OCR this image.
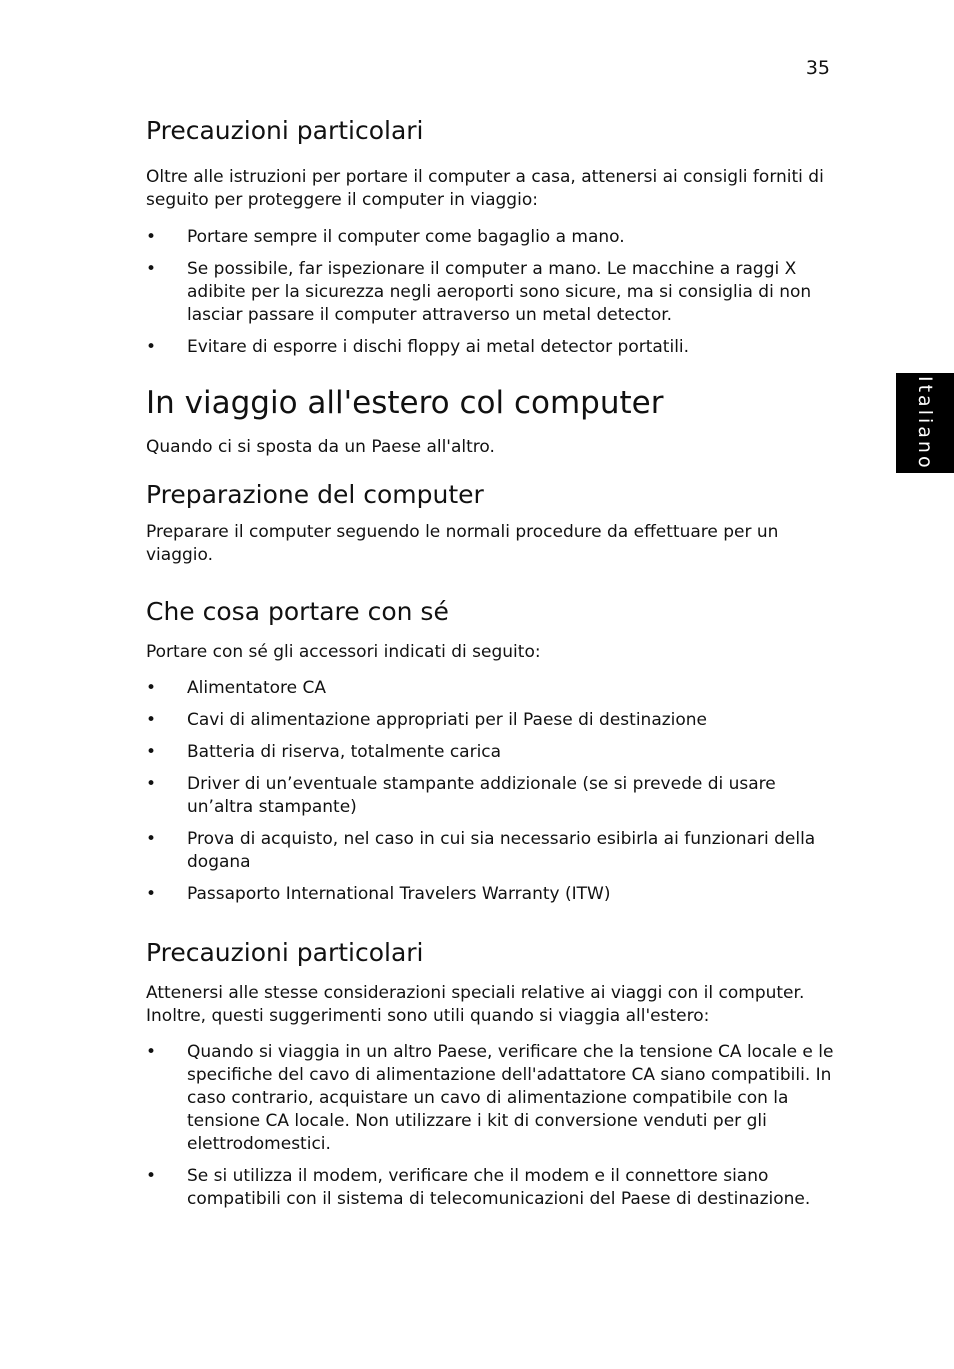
35
Italiano
Precauzioni particolari

Oltre alle istruzioni per portare il computer a casa, attenersi ai consigli forniti di seguito per proteggere il computer in viaggio:

• Portare sempre il computer come bagaglio a mano.
• Se possibile, far ispezionare il computer a mano. Le macchine a raggi X adibite per la sicurezza negli aeroporti sono sicure, ma si consiglia di non lasciar passare il computer attraverso un metal detector.
• Evitare di esporre i dischi floppy ai metal detector portatili.
In viaggio all'estero col computer

Quando ci si sposta da un Paese all'altro.

Preparazione del computer

Preparare il computer seguendo le normali procedure da effettuare per un viaggio.

Che cosa portare con sé

Portare con sé gli accessori indicati di seguito:

• Alimentatore CA
• Cavi di alimentazione appropriati per il Paese di destinazione
• Batteria di riserva, totalmente carica
• Driver di un’eventuale stampante addizionale (se si prevede di usare un’altra stampante)
• Prova di acquisto, nel caso in cui sia necessario esibirla ai funzionari della dogana
• Passaporto International Travelers Warranty (ITW)
Precauzioni particolari

Attenersi alle stesse considerazioni speciali relative ai viaggi con il computer. Inoltre, questi suggerimenti sono utili quando si viaggia all'estero:

• Quando si viaggia in un altro Paese, verificare che la tensione CA locale e le specifiche del cavo di alimentazione dell'adattatore CA siano compatibili. In caso contrario, acquistare un cavo di alimentazione compatibile con la tensione CA locale. Non utilizzare i kit di conversione venduti per gli elettrodomestici.
• Se si utilizza il modem, verificare che il modem e il connettore siano compatibili con il sistema di telecomunicazioni del Paese di destinazione.
